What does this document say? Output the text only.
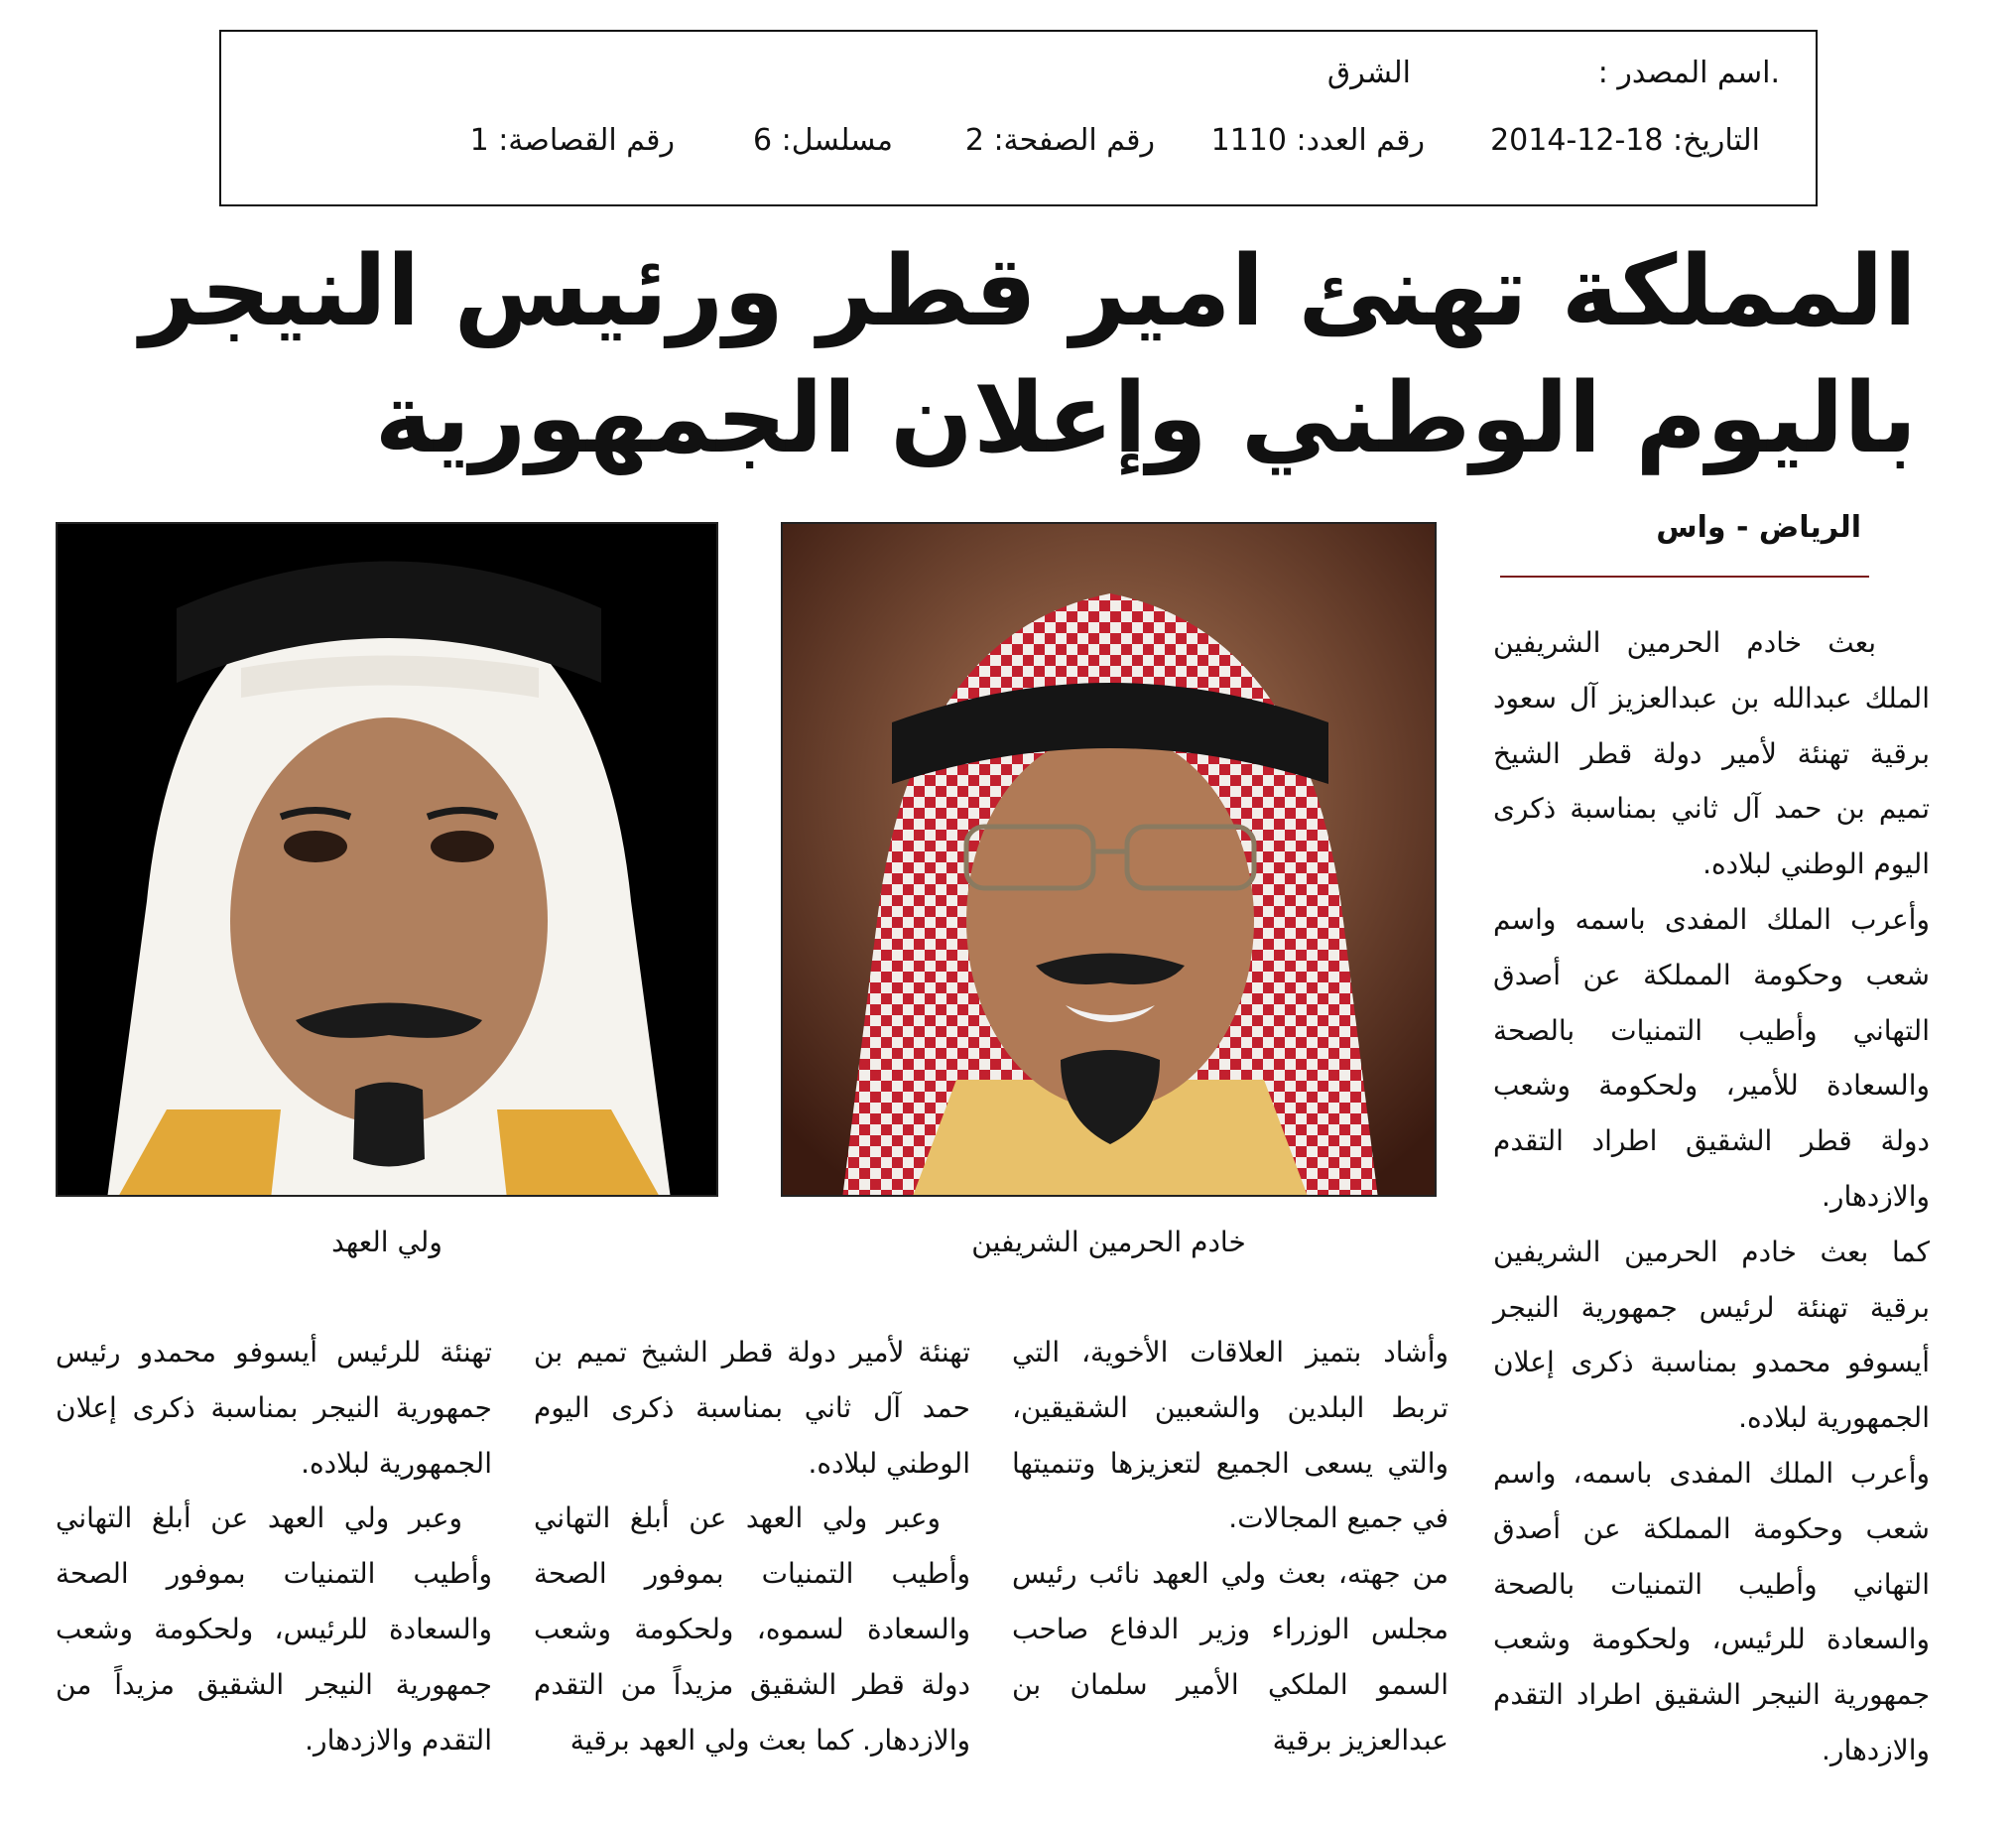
.اسم المصدر :
الشرق
التاريخ: 18-12-2014
رقم العدد: 1110
رقم الصفحة: 2
مسلسل: 6
رقم القصاصة: 1
المملكة تهنئ امير قطر ورئيس النيجر
باليوم الوطني وإعلان الجمهورية
الرياض - واس
خادم الحرمين الشريفين
ولي العهد

بعث خادم الحرمين الشريفين الملك عبدالله بن عبدالعزيز آل سعود برقية تهنئة لأمير دولة قطر الشيخ تميم بن حمد آل ثاني بمناسبة ذكرى اليوم الوطني لبلاده.

وأعرب الملك المفدى باسمه واسم شعب وحكومة المملكة عن أصدق التهاني وأطيب التمنيات بالصحة والسعادة للأمير، ولحكومة وشعب دولة قطر الشقيق اطراد التقدم والازدهار.

كما بعث خادم الحرمين الشريفين برقية تهنئة لرئيس جمهورية النيجر أيسوفو محمدو بمناسبة ذكرى إعلان الجمهورية لبلاده.

وأعرب الملك المفدى باسمه، واسم شعب وحكومة المملكة عن أصدق التهاني وأطيب التمنيات بالصحة والسعادة للرئيس، ولحكومة وشعب جمهورية النيجر الشقيق اطراد التقدم والازدهار.

وأشاد بتميز العلاقات الأخوية، التي تربط البلدين والشعبين الشقيقين، والتي يسعى الجميع لتعزيزها وتنميتها في جميع المجالات.

من جهته، بعث ولي العهد نائب رئيس مجلس الوزراء وزير الدفاع صاحب السمو الملكي الأمير سلمان بن عبدالعزيز برقية

تهنئة لأمير دولة قطر الشيخ تميم بن حمد آل ثاني بمناسبة ذكرى اليوم الوطني لبلاده.

وعبر ولي العهد عن أبلغ التهاني وأطيب التمنيات بموفور الصحة والسعادة لسموه، ولحكومة وشعب دولة قطر الشقيق مزيداً من التقدم والازدهار. كما بعث ولي العهد برقية

تهنئة للرئيس أيسوفو محمدو رئيس جمهورية النيجر بمناسبة ذكرى إعلان الجمهورية لبلاده.

وعبر ولي العهد عن أبلغ التهاني وأطيب التمنيات بموفور الصحة والسعادة للرئيس، ولحكومة وشعب جمهورية النيجر الشقيق مزيداً من التقدم والازدهار.
